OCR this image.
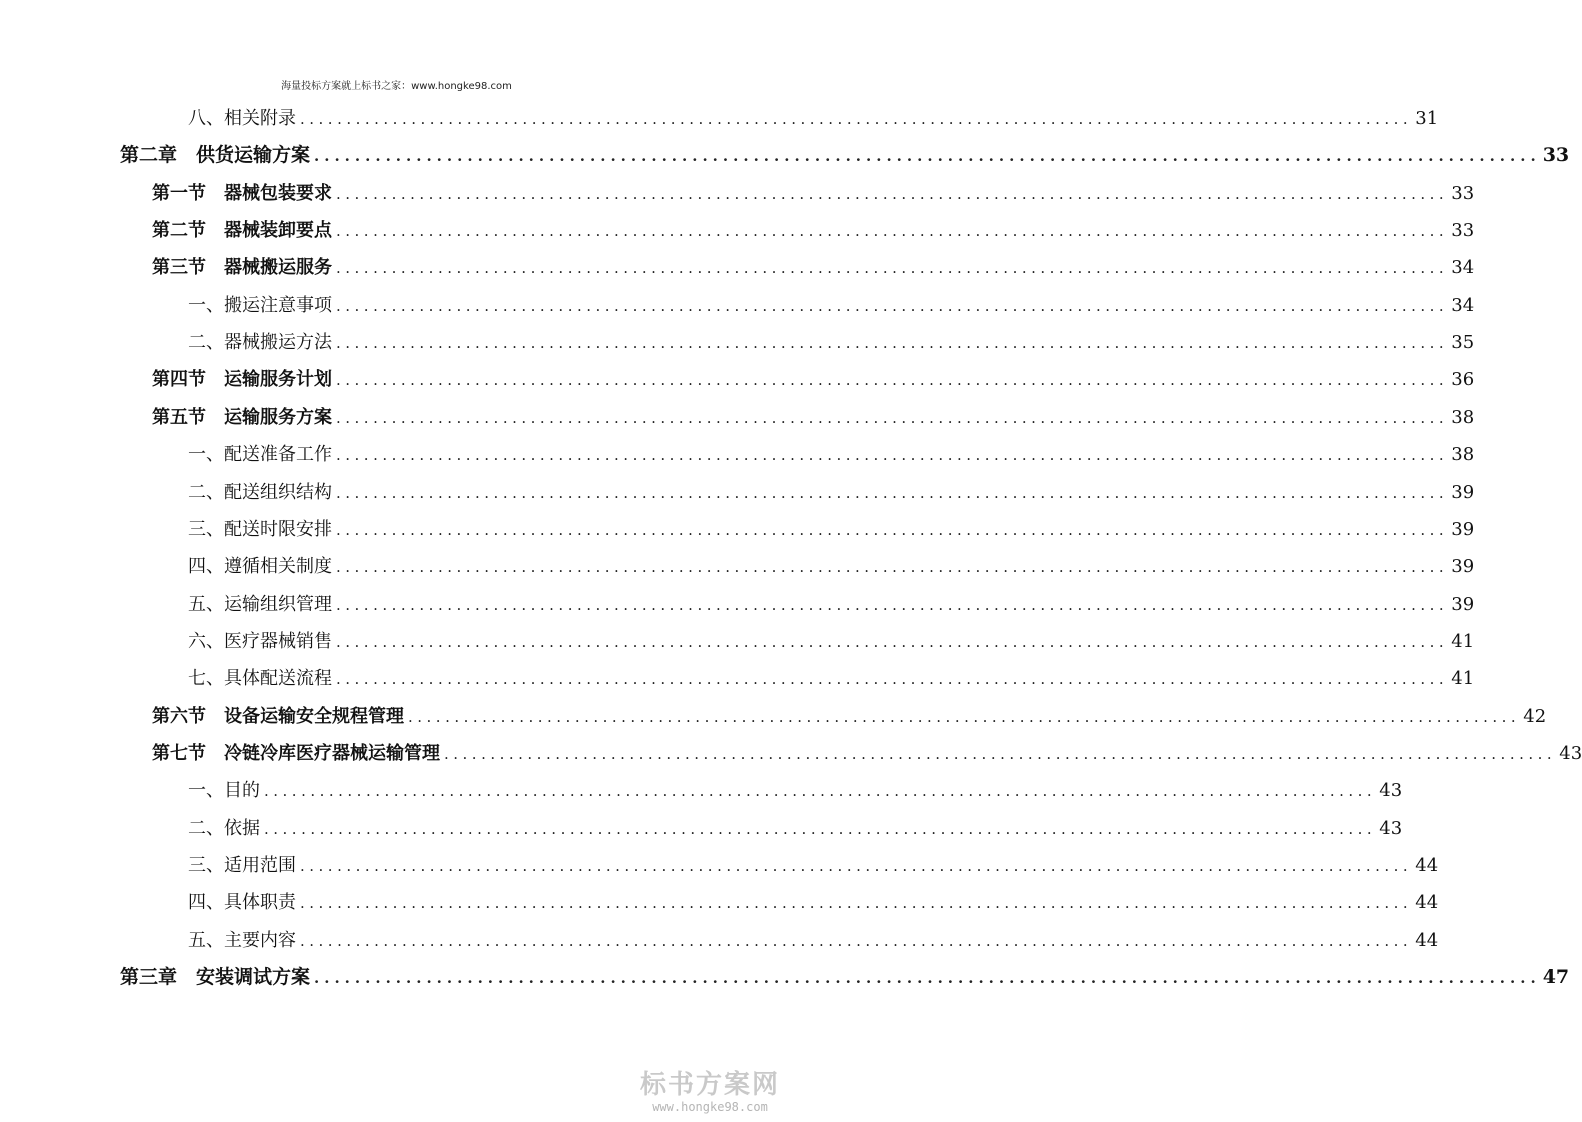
海量投标方案就上标书之家：www.hongke98.com
八、相关附录 ........................................................................................................................ 31
第二章　供货运输方案 ........................................................................................................................ 33
第一节　器械包装要求 ........................................................................................................................ 33
第二节　器械装卸要点 ........................................................................................................................ 33
第三节　器械搬运服务 ........................................................................................................................ 34
一、搬运注意事项 ........................................................................................................................ 34
二、器械搬运方法 ........................................................................................................................ 35
第四节　运输服务计划 ........................................................................................................................ 36
第五节　运输服务方案 ........................................................................................................................ 38
一、配送准备工作 ........................................................................................................................ 38
二、配送组织结构 ........................................................................................................................ 39
三、配送时限安排 ........................................................................................................................ 39
四、遵循相关制度 ........................................................................................................................ 39
五、运输组织管理 ........................................................................................................................ 39
六、医疗器械销售 ........................................................................................................................ 41
七、具体配送流程 ........................................................................................................................ 41
第六节　设备运输安全规程管理 ........................................................................................................................ 42
第七节　冷链冷库医疗器械运输管理 ........................................................................................................................ 43
一、目的 ........................................................................................................................ 43
二、依据 ........................................................................................................................ 43
三、适用范围 ........................................................................................................................ 44
四、具体职责 ........................................................................................................................ 44
五、主要内容 ........................................................................................................................ 44
第三章　安装调试方案 ........................................................................................................................ 47
标书方案网
www.hongke98.com
